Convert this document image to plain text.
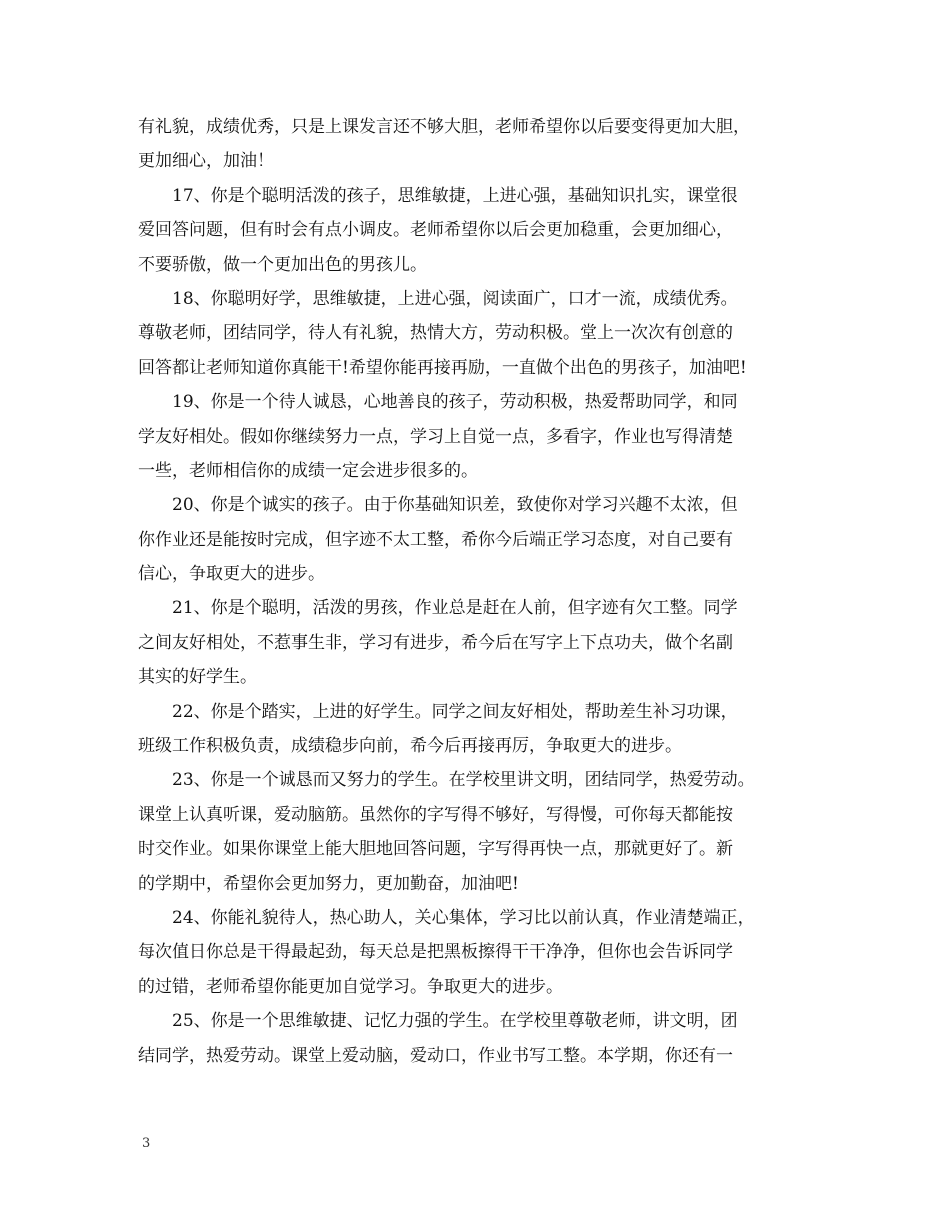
有礼貌，成绩优秀，只是上课发言还不够大胆，老师希望你以后要变得更加大胆，
更加细心，加油！
17、你是个聪明活泼的孩子，思维敏捷，上进心强，基础知识扎实，课堂很
爱回答问题，但有时会有点小调皮。老师希望你以后会更加稳重，会更加细心，
不要骄傲，做一个更加出色的男孩儿。
18、你聪明好学，思维敏捷，上进心强，阅读面广，口才一流，成绩优秀。
尊敬老师，团结同学，待人有礼貌，热情大方，劳动积极。堂上一次次有创意的
回答都让老师知道你真能干!希望你能再接再励，一直做个出色的男孩子，加油吧!
19、你是一个待人诚恳，心地善良的孩子，劳动积极，热爱帮助同学，和同
学友好相处。假如你继续努力一点，学习上自觉一点，多看字，作业也写得清楚
一些，老师相信你的成绩一定会进步很多的。
20、你是个诚实的孩子。由于你基础知识差，致使你对学习兴趣不太浓，但
你作业还是能按时完成，但字迹不太工整，希你今后端正学习态度，对自己要有
信心，争取更大的进步。
21、你是个聪明，活泼的男孩，作业总是赶在人前，但字迹有欠工整。同学
之间友好相处，不惹事生非，学习有进步，希今后在写字上下点功夫，做个名副
其实的好学生。
22、你是个踏实，上进的好学生。同学之间友好相处，帮助差生补习功课，
班级工作积极负责，成绩稳步向前，希今后再接再厉，争取更大的进步。
23、你是一个诚恳而又努力的学生。在学校里讲文明，团结同学，热爱劳动。
课堂上认真听课，爱动脑筋。虽然你的字写得不够好，写得慢，可你每天都能按
时交作业。如果你课堂上能大胆地回答问题，字写得再快一点，那就更好了。新
的学期中，希望你会更加努力，更加勤奋，加油吧!
24、你能礼貌待人，热心助人，关心集体，学习比以前认真，作业清楚端正，
每次值日你总是干得最起劲，每天总是把黑板擦得干干净净，但你也会告诉同学
的过错，老师希望你能更加自觉学习。争取更大的进步。
25、你是一个思维敏捷、记忆力强的学生。在学校里尊敬老师，讲文明，团
结同学，热爱劳动。课堂上爱动脑，爱动口，作业书写工整。本学期，你还有一
3
